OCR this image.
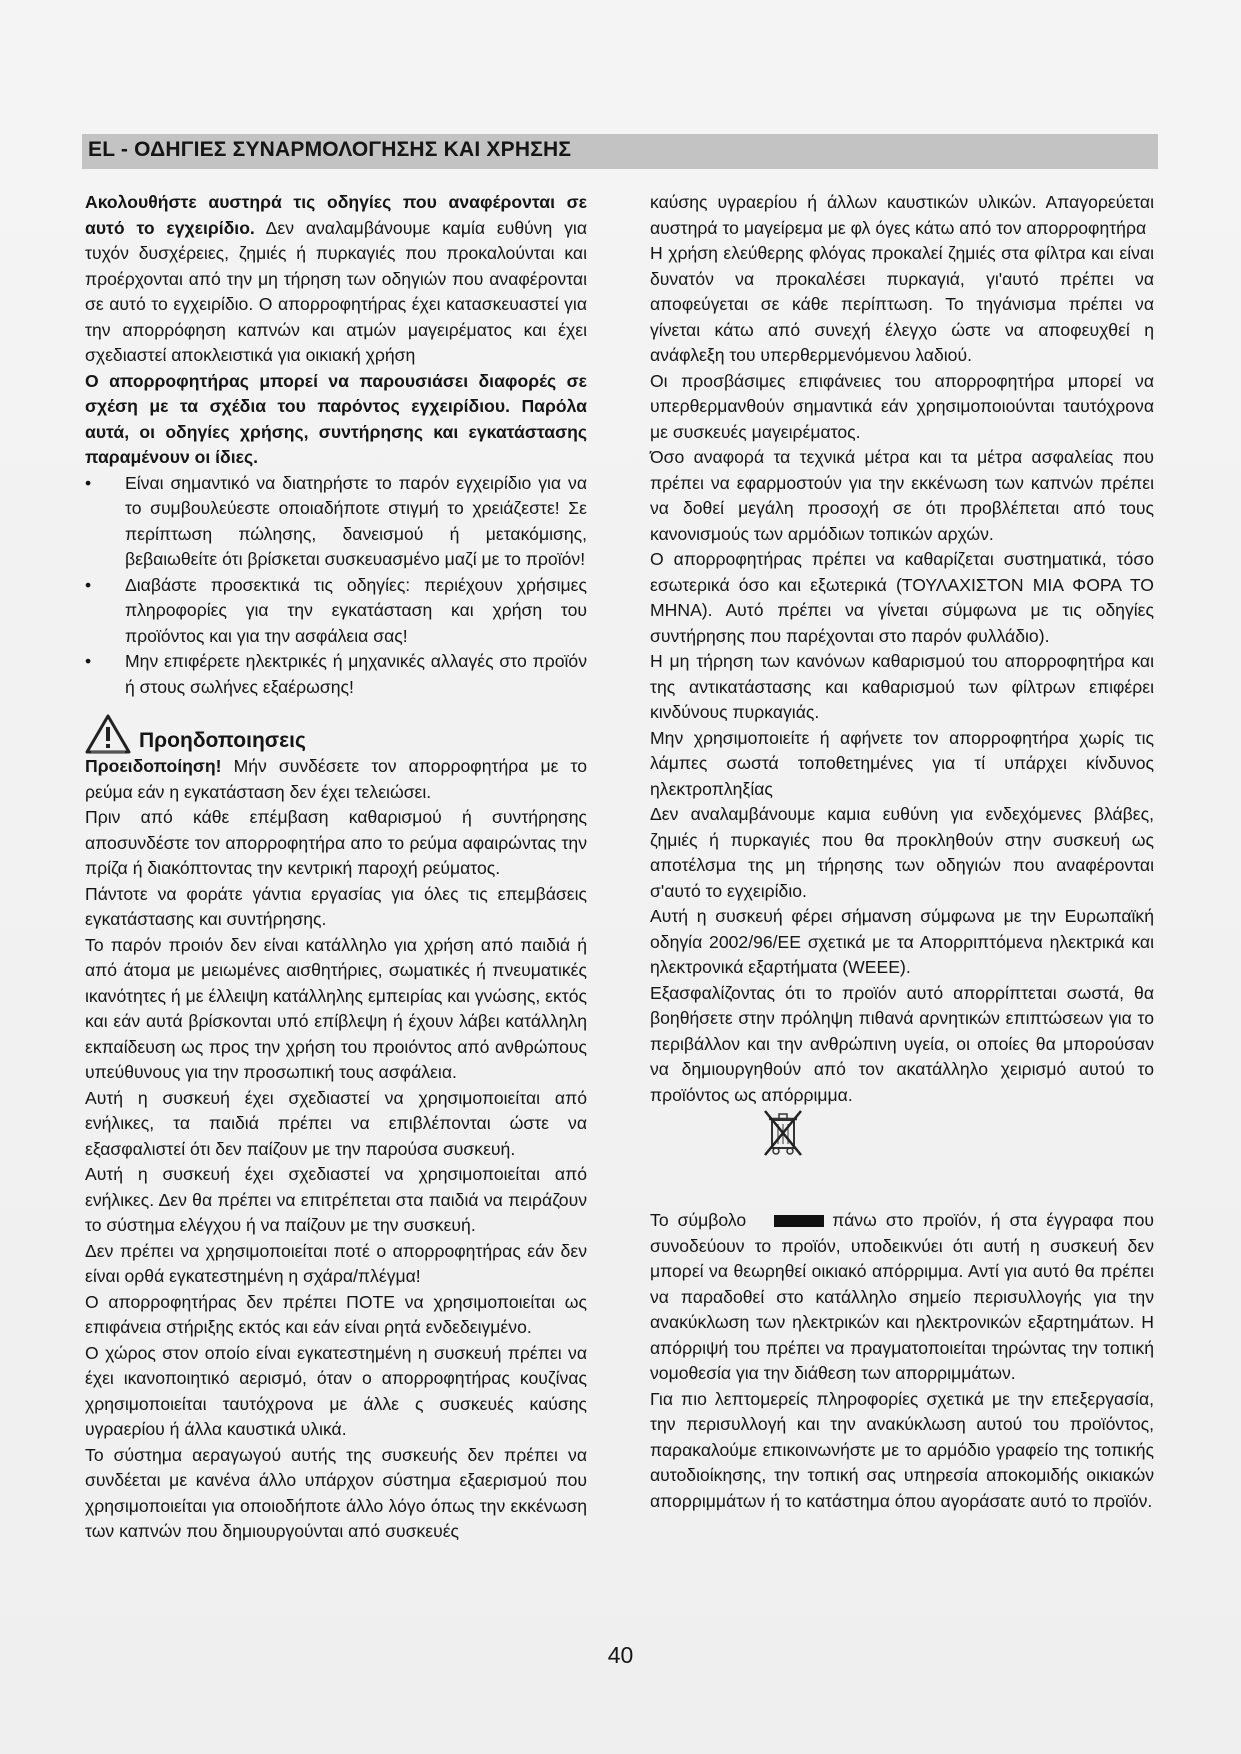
EL - ΟΔΗΓΙΕΣ ΣΥΝΑΡΜΟΛΟΓΗΣΗΣ ΚΑΙ ΧΡΗΣΗΣ

Ακολουθήστε αυστηρά τις οδηγίες που αναφέρονται σε αυτό το εγχειρίδιο. Δεν αναλαμβάνουμε καμία ευθύνη για τυχόν δυσχέρειες, ζημιές ή πυρκαγιές που προκαλούνται και προέρχονται από την μη τήρηση των οδηγιών που αναφέρονται σε αυτό το εγχειρίδιο. Ο απορροφητήρας έχει κατασκευαστεί για την απορρόφηση καπνών και ατμών μαγειρέματος και έχει σχεδιαστεί αποκλειστικά για οικιακή χρήση

Ο απορροφητήρας μπορεί να παρουσιάσει διαφορές σε σχέση με τα σχέδια του παρόντος εγχειρίδιου. Παρόλα αυτά, οι οδηγίες χρήσης, συντήρησης και εγκατάστασης παραμένουν οι ίδιες.

• Είναι σημαντικό να διατηρήστε το παρόν εγχειρίδιο για να το συμβουλεύεστε οποιαδήποτε στιγμή το χρειάζεστε! Σε περίπτωση πώλησης, δανεισμού ή μετακόμισης, βεβαιωθείτε ότι βρίσκεται συσκευασμένο μαζί με το προϊόν!
• Διαβάστε προσεκτικά τις οδηγίες: περιέχουν χρήσιμες πληροφορίες για την εγκατάσταση και χρήση του προϊόντος και για την ασφάλεια σας!
• Μην επιφέρετε ηλεκτρικές ή μηχανικές αλλαγές στο προϊόν ή στους σωλήνες εξαέρωσης!
Προηδοποιησεις

Προειδοποίηση! Μήν συνδέσετε τον απορροφητήρα με το ρεύμα εάν η εγκατάσταση δεν έχει τελειώσει.

Πριν από κάθε επέμβαση καθαρισμού ή συντήρησης αποσυνδέστε τον απορροφητήρα απο το ρεύμα αφαιρώντας την πρίζα ή διακόπτοντας την κεντρική παροχή ρεύματος.

Πάντοτε να φοράτε γάντια εργασίας για όλες τις επεμβάσεις εγκατάστασης και συντήρησης.

Το παρόν προιόν δεν είναι κατάλληλο για χρήση από παιδιά ή από άτομα με μειωμένες αισθητήριες, σωματικές ή πνευματικές ικανότητες ή με έλλειψη κατάλληλης εμπειρίας και γνώσης, εκτός και εάν αυτά βρίσκονται υπό επίβλεψη ή έχουν λάβει κατάλληλη εκπαίδευση ως προς την χρήση του προιόντος από ανθρώπους υπεύθυνους για την προσωπική τους ασφάλεια.

Αυτή η συσκευή έχει σχεδιαστεί να χρησιμοποιείται από ενήλικες, τα παιδιά πρέπει να επιβλέπονται ώστε να εξασφαλιστεί ότι δεν παίζουν με την παρούσα συσκευή.

Αυτή η συσκευή έχει σχεδιαστεί να χρησιμοποιείται από ενήλικες. Δεν θα πρέπει να επιτρέπεται στα παιδιά να πειράζουν το σύστημα ελέγχου ή να παίζουν με την συσκευή.

Δεν πρέπει να χρησιμοποιείται ποτέ ο απορροφητήρας εάν δεν είναι ορθά εγκατεστημένη η σχάρα/πλέγμα!

Ο απορροφητήρας δεν πρέπει ΠΟΤΕ να χρησιμοποιείται ως επιφάνεια στήριξης εκτός και εάν είναι ρητά ενδεδειγμένο.

Ο χώρος στον οποίο είναι εγκατεστημένη η συσκευή πρέπει να έχει ικανοποιητικό αερισμό, όταν ο απορροφητήρας κουζίνας χρησιμοποιείται ταυτόχρονα με άλλε ς συσκευές καύσης υγραερίου ή άλλα καυστικά υλικά.

Το σύστημα αεραγωγού αυτής της συσκευής δεν πρέπει να συνδέεται με κανένα άλλο υπάρχον σύστημα εξαερισμού που χρησιμοποιείται για οποιοδήποτε άλλο λόγο όπως την εκκένωση των καπνών που δημιουργούνται από συσκευές

καύσης υγραερίου ή άλλων καυστικών υλικών. Απαγορεύεται αυστηρά το μαγείρεμα με φλ όγες κάτω από τον απορροφητήρα

Η χρήση ελεύθερης φλόγας προκαλεί ζημιές στα φίλτρα και είναι δυνατόν να προκαλέσει πυρκαγιά, γι'αυτό πρέπει να αποφεύγεται σε κάθε περίπτωση. Το τηγάνισμα πρέπει να γίνεται κάτω από συνεχή έλεγχο ώστε να αποφευχθεί η ανάφλεξη του υπερθερμενόμενου λαδιού.

Οι προσβάσιμες επιφάνειες του απορροφητήρα μπορεί να υπερθερμανθούν σημαντικά εάν χρησιμοποιούνται ταυτόχρονα με συσκευές μαγειρέματος.

Όσο αναφορά τα τεχνικά μέτρα και τα μέτρα ασφαλείας που πρέπει να εφαρμοστούν για την εκκένωση των καπνών πρέπει να δοθεί μεγάλη προσοχή σε ότι προβλέπεται από τους κανονισμούς των αρμόδιων τοπικών αρχών.

Ο απορροφητήρας πρέπει να καθαρίζεται συστηματικά, τόσο εσωτερικά όσο και εξωτερικά (ΤΟΥΛΑΧΙΣΤΟΝ ΜΙΑ ΦΟΡΑ ΤΟ ΜΗΝΑ). Αυτό πρέπει να γίνεται σύμφωνα με τις οδηγίες συντήρησης που παρέχονται στο παρόν φυλλάδιο).

Η μη τήρηση των κανόνων καθαρισμού του απορροφητήρα και της αντικατάστασης και καθαρισμού των φίλτρων επιφέρει κινδύνους πυρκαγιάς.

Μην χρησιμοποιείτε ή αφήνετε τον απορροφητήρα χωρίς τις λάμπες σωστά τοποθετημένες για τί υπάρχει κίνδυνος ηλεκτροπληξίας

Δεν αναλαμβάνουμε καμια ευθύνη για ενδεχόμενες βλάβες, ζημιές ή πυρκαγιές που θα προκληθούν στην συσκευή ως αποτέλσμα της μη τήρησης των οδηγιών που αναφέρονται σ'αυτό το εγχειρίδιο.

Αυτή η συσκευή φέρει σήμανση σύμφωνα με την Ευρωπαϊκή οδηγία 2002/96/ΕΕ σχετικά με τα Απορριπτόμενα ηλεκτρικά και ηλεκτρονικά εξαρτήματα (WEEE).

Εξασφαλίζοντας ότι το προϊόν αυτό απορρίπτεται σωστά, θα βοηθήσετε στην πρόληψη πιθανά αρνητικών επιπτώσεων για το περιβάλλον και την ανθρώπινη υγεία, οι οποίες θα μπορούσαν να δημιουργηθούν από τον ακατάλληλο χειρισμό αυτού το προϊόντος ως απόρριμμα.

Το σύμβολο	πάνω στο προϊόν, ή στα έγγραφα που συνοδεύουν το προϊόν, υποδεικνύει ότι αυτή η συσκευή δεν μπορεί να θεωρηθεί οικιακό απόρριμμα. Αντί για αυτό θα πρέπει να παραδοθεί στο κατάλληλο σημείο περισυλλογής για την ανακύκλωση των ηλεκτρικών και ηλεκτρονικών εξαρτημάτων. Η απόρριψή του πρέπει να πραγματοποιείται τηρώντας την τοπική νομοθεσία για την διάθεση των απορριμμάτων.

Για πιο λεπτομερείς πληροφορίες σχετικά με την επεξεργασία, την περισυλλογή και την ανακύκλωση αυτού του προϊόντος, παρακαλούμε επικοινωνήστε με το αρμόδιο γραφείο της τοπικής αυτοδιοίκησης, την τοπική σας υπηρεσία αποκομιδής οικιακών απορριμμάτων ή το κατάστημα όπου αγοράσατε αυτό το προϊόν.

40
